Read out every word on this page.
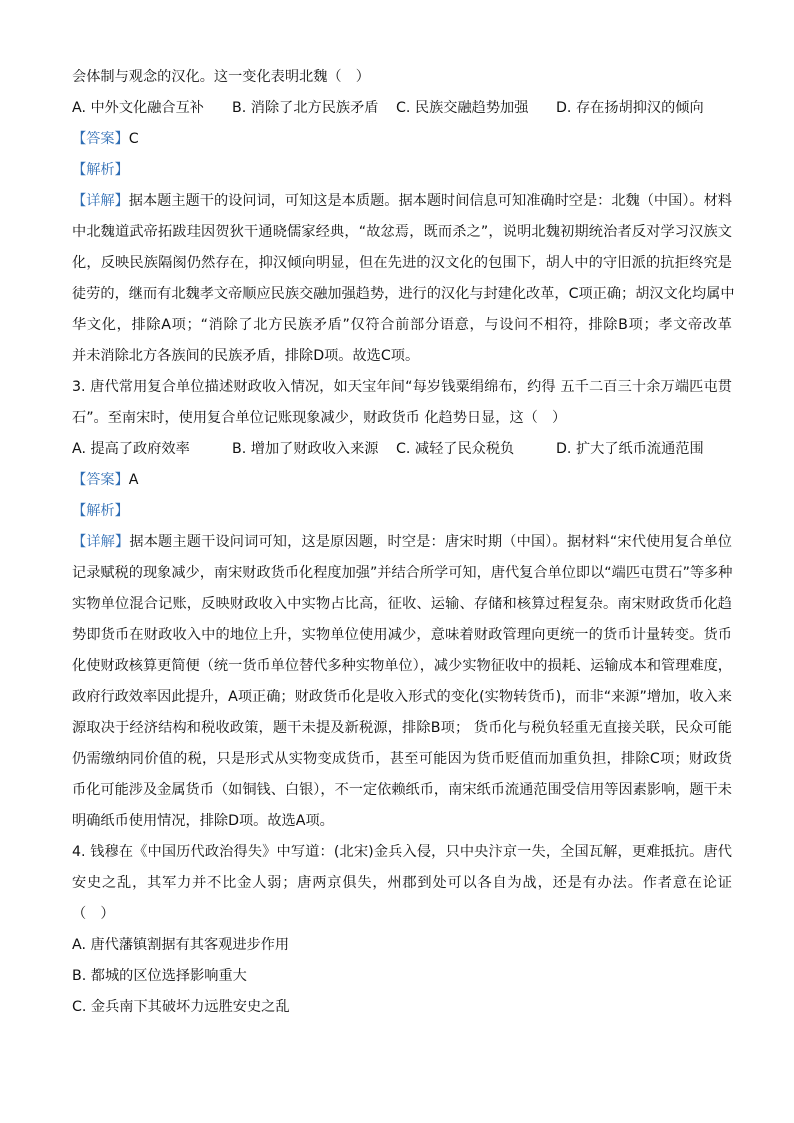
会体制与观念的汉化。这一变化表明北魏（　）
A. 中外文化融合互补	B. 消除了北方民族矛盾	C. 民族交融趋势加强	D. 存在扬胡抑汉的倾向
【答案】C
【解析】
【详解】据本题主题干的设问词，可知这是本质题。据本题时间信息可知准确时空是：北魏（中国）。材料
中北魏道武帝拓跋珪因贺狄干通晓儒家经典，“故忿焉，既而杀之”，说明北魏初期统治者反对学习汉族文
化，反映民族隔阂仍然存在，抑汉倾向明显，但在先进的汉文化的包围下，胡人中的守旧派的抗拒终究是
徒劳的，继而有北魏孝文帝顺应民族交融加强趋势，进行的汉化与封建化改革，C项正确；胡汉文化均属中
华文化，排除A项；“消除了北方民族矛盾”仅符合前部分语意，与设问不相符，排除B项；孝文帝改革
并未消除北方各族间的民族矛盾，排除D项。故选C项。
3. 唐代常用复合单位描述财政收入情况，如天宝年间“每岁钱粟绢绵布，约得 五千二百三十余万端匹屯贯
石”。至南宋时，使用复合单位记账现象减少，财政货币 化趋势日显，这（　）
A. 提高了政府效率	B. 增加了财政收入来源	C. 减轻了民众税负	D. 扩大了纸币流通范围
【答案】A
【解析】
【详解】据本题主题干设问词可知，这是原因题，时空是：唐宋时期（中国）。据材料“宋代使用复合单位
记录赋税的现象减少，南宋财政货币化程度加强”并结合所学可知，唐代复合单位即以“端匹屯贯石”等多种
实物单位混合记账，反映财政收入中实物占比高，征收、运输、存储和核算过程复杂。南宋财政货币化趋
势即货币在财政收入中的地位上升，实物单位使用减少，意味着财政管理向更统一的货币计量转变。货币
化使财政核算更简便（统一货币单位替代多种实物单位），减少实物征收中的损耗、运输成本和管理难度，
政府行政效率因此提升，A项正确；财政货币化是收入形式的变化(实物转货币)，而非“来源”增加，收入来
源取决于经济结构和税收政策，题干未提及新税源，排除B项； 货币化与税负轻重无直接关联，民众可能
仍需缴纳同价值的税，只是形式从实物变成货币，甚至可能因为货币贬值而加重负担，排除C项；财政货
币化可能涉及金属货币（如铜钱、白银），不一定依赖纸币，南宋纸币流通范围受信用等因素影响，题干未
明确纸币使用情况，排除D项。故选A项。
4. 钱穆在《中国历代政治得失》中写道：(北宋)金兵入侵，只中央汴京一失，全国瓦解，更难抵抗。唐代
安史之乱，其军力并不比金人弱；唐两京俱失，州郡到处可以各自为战，还是有办法。作者意在论证
（　）
A. 唐代藩镇割据有其客观进步作用
B. 都城的区位选择影响重大
C. 金兵南下其破坏力远胜安史之乱
